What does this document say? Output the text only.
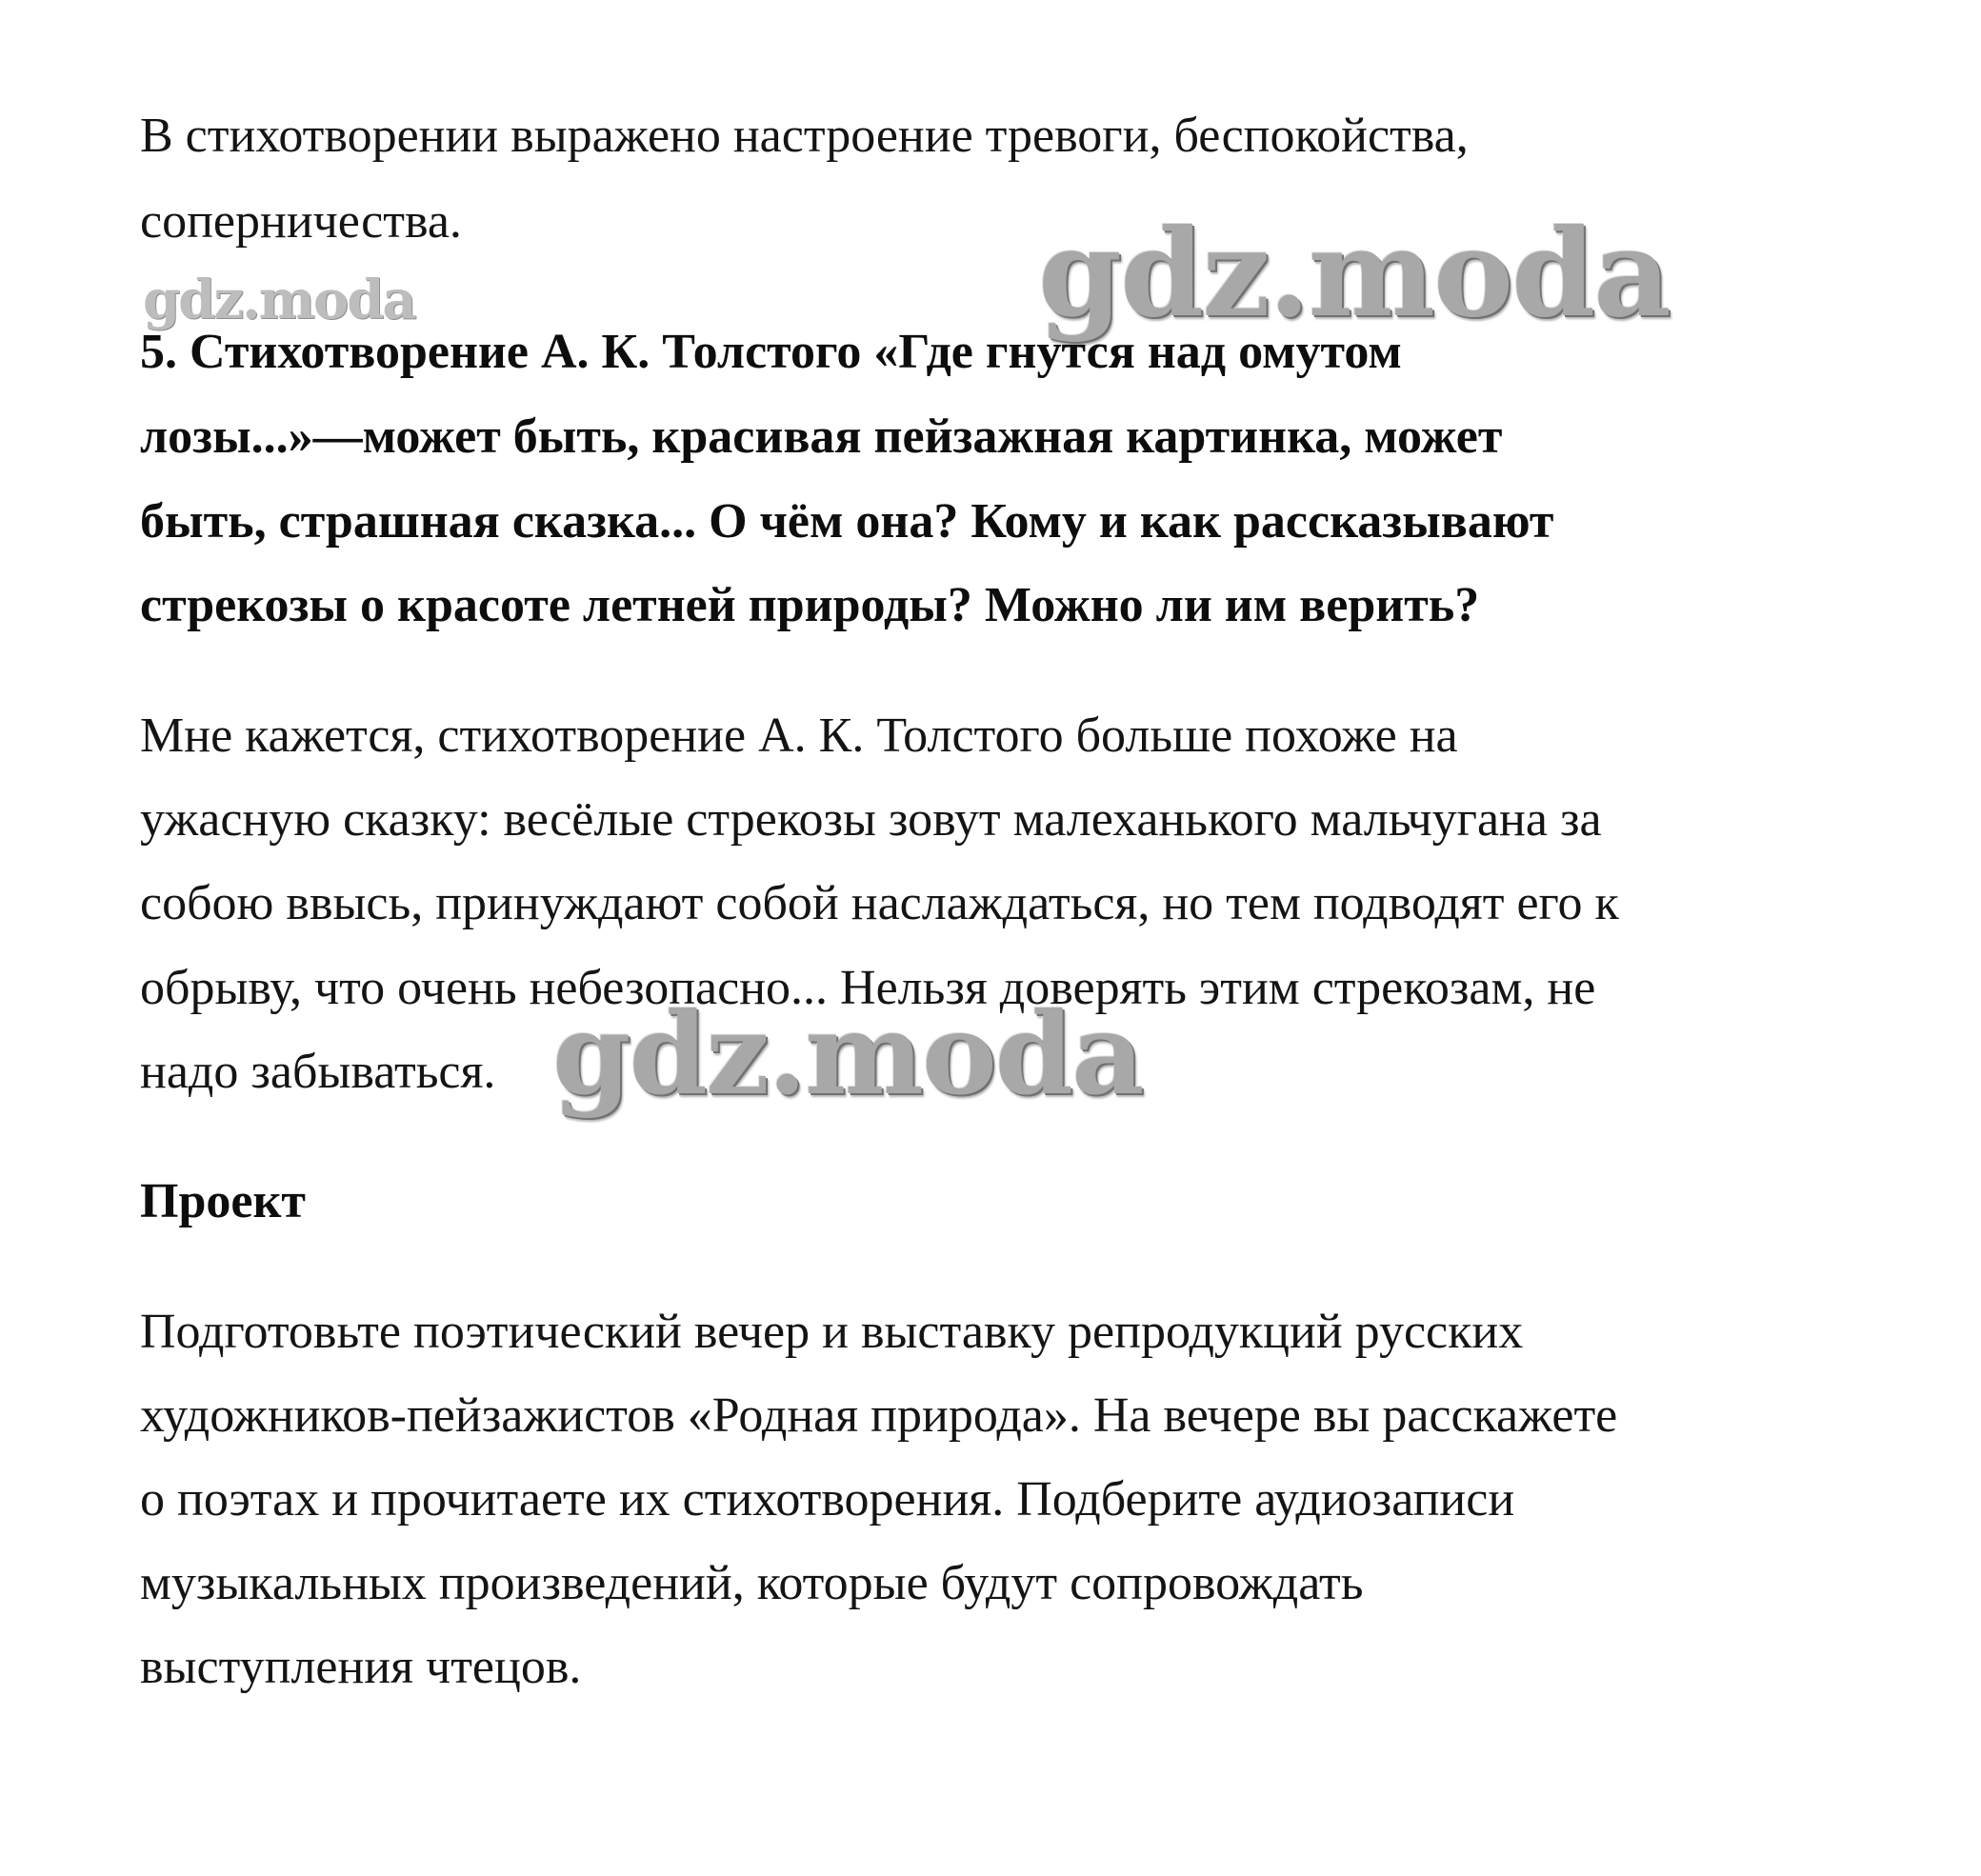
В стихотворении выражено настроение тревоги, беспокойства,

соперничества.

5. Стихотворение А. К. Толстого «Где гнутся над омутом

лозы...»—может быть, красивая пейзажная картинка, может

быть, страшная сказка... О чём она? Кому и как рассказывают

стрекозы о красоте летней природы? Можно ли им верить?

Мне кажется, стихотворение А. К. Толстого больше похоже на

ужасную сказку: весёлые стрекозы зовут малеханького мальчугана за

собою ввысь, принуждают собой наслаждаться, но тем подводят его к

обрыву, что очень небезопасно... Нельзя доверять этим стрекозам, не

надо забываться.

Проект

Подготовьте поэтический вечер и выставку репродукций русских

художников-пейзажистов «Родная природа». На вечере вы расскажете

о поэтах и прочитаете их стихотворения. Подберите аудиозаписи

музыкальных произведений, которые будут сопровождать

выступления чтецов.

gdz.moda	gdz.moda
gdz.moda
